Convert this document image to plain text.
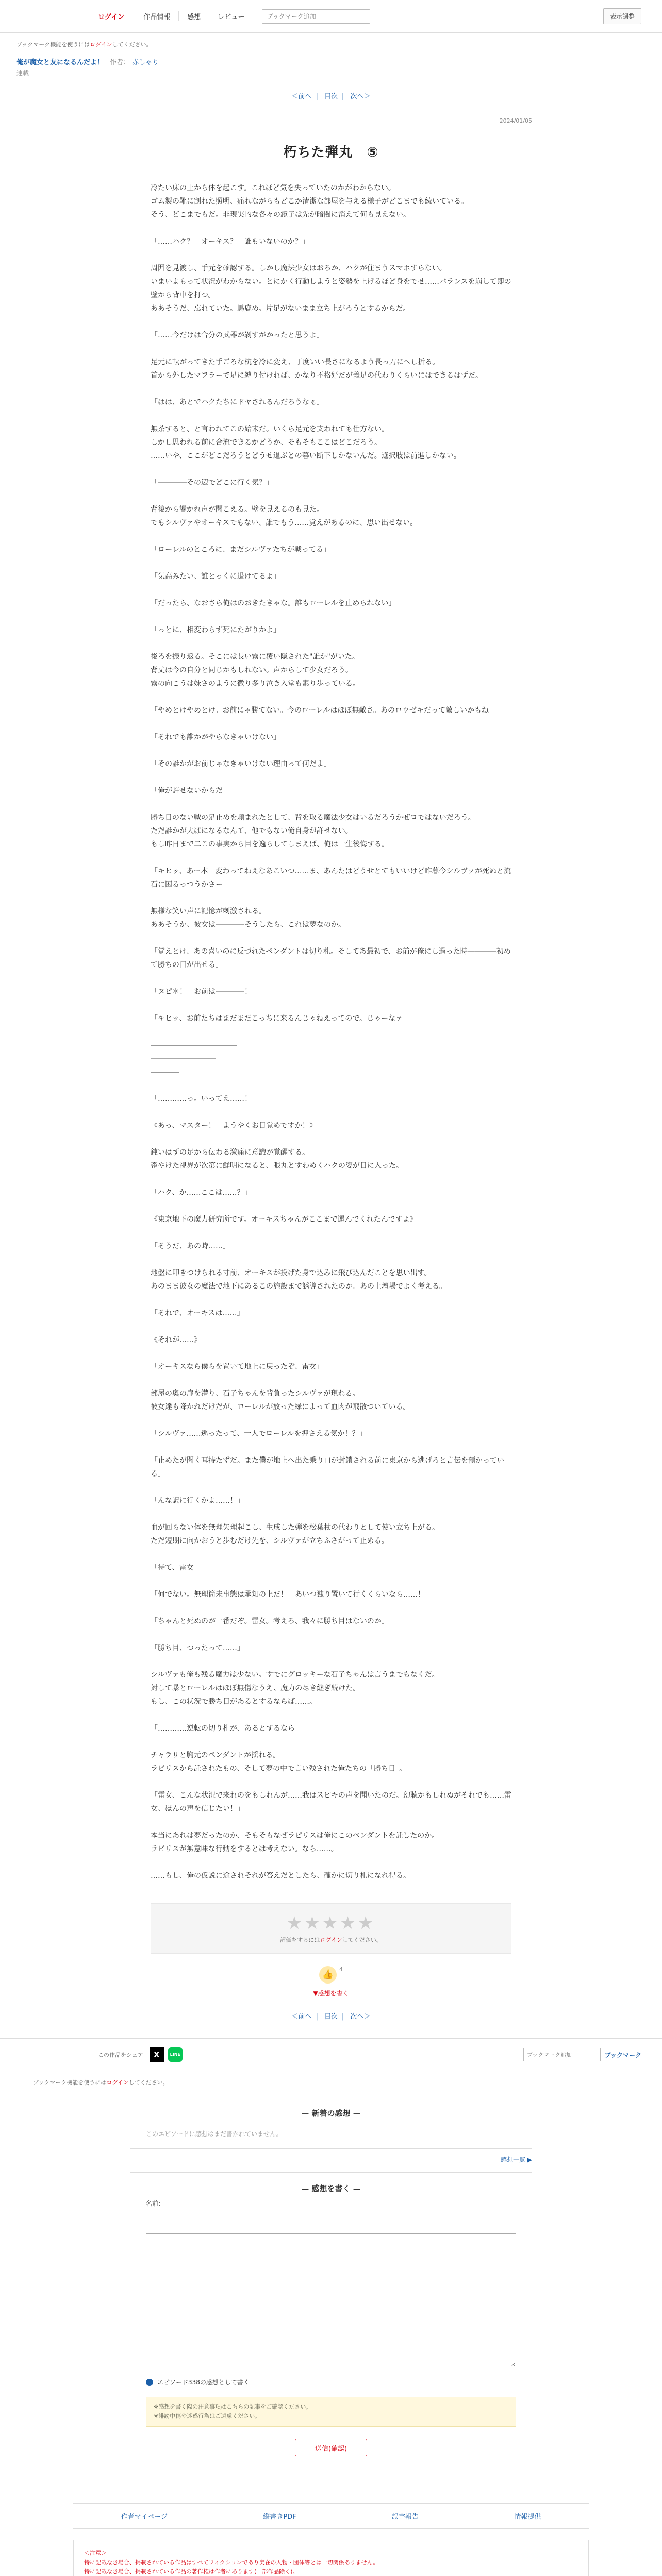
ログイン	作品情報	感想	レビュー
ブックマーク追加	表示調整
ブックマーク機能を使うにはログインしてください。
俺が魔女と友になるんだよ！ 作者： 赤しゃり
連載
＜前へ | 目次 | 次へ＞
2024/01/05
朽ちた弾丸　⑤

冷たい床の上から体を起こす。これほど気を失っていたのかがわからない。
ゴム製の靴に割れた照明、痛れながらもどこか清潔な部屋を与える様子がどこまでも続いている。
そう、どこまでもだ。非現実的な各々の鏡子は先が暗闇に消えて何も見えない。

「……ハク？　オーキス？　誰もいないのか？」

周囲を見渡し、手元を確認する。しかし魔法少女はおろか、ハクが住まうスマホすらない。
いまいよもって状況がわからない。とにかく行動しようと姿勢を上げるほど身をでせ……バランスを崩して即の壁から背中を打つ。
ああそうだ、忘れていた。馬鹿め。片足がないまま立ち上がろうとするからだ。

「……今だけは合分の武器が剝すがかったと思うよ」

足元に転がってきた手ごろな杭を冷に変え、丁度いい長さになるよう長っ刀にへし折る。
首から外したマフラーで足に縛り付ければ、かなり不格好だが義足の代わりくらいにはできるはずだ。

「はは、あとでハクたちにドヤされるんだろうなぁ」

無茶すると、と言われてこの始末だ。いくら足元を支われても仕方ない。
しかし思われる前に合流できるかどうか、そもそもここはどこだろう。
……いや、ここがどこだろうとどうせ退ぶとの暮い断下しかないんだ。選択肢は前進しかない。

「――――その辺でどこに行く気？」

背後から響かれ声が聞こえる。壁を見えるのも見た。
でもシルヴァやオーキスでもない、誰でもう……覚えがあるのに、思い出せない。

「ローレルのところに、まだシルヴァたちが戦ってる」

「気高みたい、誰とっくに退けてるよ」

「だったら、なおさら俺はのおきたきゃな。誰もローレルを止められない」

「っとに、相変わらず死にたがりかよ」

後ろを振り返る。そこには長い霧に覆い隠された"誰か"がいた。
背丈は今の自分と同じかもしれない。声からして少女だろう。
霧の向こうは妹さのように微り多り泣き入堂も素り歩っている。

「やめとけやめとけ。お前にゃ勝てない。今のローレルはほぼ無敵さ。あのロウゼキだって敵しいかもね」

「それでも誰かがやらなきゃいけない」

「その誰かがお前じゃなきゃいけない理由って何だよ」

「俺が許せないからだ」

勝ち目のない戦の足止めを頼まれたとして、背を取る魔法少女はいるだろうかぜロではないだろう。
ただ誰かが大ばになるなんて、他でもない俺自身が許せない。
もし昨日まで二この事実から目を逸らしてしまえば、俺は一生後悔する。

「キヒッ、あー本一変わってねえなあこいつ……ま、あんたはどうせとてもいいけど昨暮今シルヴァが死ぬと流石に困るっつうかさー」

無様な笑い声に記憶が刺激される。
ああそうか、彼女は――――そうしたら、これは夢なのか。

「覚えとけ、あの喜いのに反づれたペンダントは切り札。そしてあ最初で、お前が俺にし過った時――――初めて勝ちの目が出せる」

「ヌピ＊！　お前は――――！」

「キヒッ、お前たちはまだまだこっちに来るんじゃねえってので。じゃーなァ」

――――――――――――
―――――――――
――――

「…………っ。いってえ……！」

《あっ、マスター！　ようやくお目覚めですか！》

鈍いはずの足から伝わる激痛に意識が覚醒する。
歪やけた視界が次第に鮮明になると、眼丸とすわめくハクの姿が目に入った。

「ハク、か……ここは……？」

《東京地下の魔力研究所です。オーキスちゃんがここまで運んでくれたんですよ》

「そうだ、あの時……」

地盤に叩きつけられる寸前、オーキスが投げた身で込みに飛び込んだことを思い出す。
あのまま彼女の魔法で地下にあるこの施設まで誘導されたのか。あの土壇場でよく考える。

「それで、オーキスは……」

《それが……》

「オーキスなら僕らを置いて地上に戻ったぞ、雷女」

部屋の奥の扉を潜り、石子ちゃんを背負ったシルヴァが現れる。
彼女達も降かれだけだが、ローレルが放った緑によって血肉が飛散ついている。

「シルヴァ……逃ったって、一人でローレルを押さえる気か！？」

「止めたが聞く耳持たずだ。また僕が地上へ出た乗り口が封鎖される前に東京から逃げろと言伝を預かっている」

「んな訳に行くかよ……！」

血が回らない体を無理矢理起こし、生成した弾を松葉杖の代わりとして使い立ち上がる。
ただ短期に向かおうと歩むだけ先を、シルヴァが立ちふさがって止める。

「待て、雷女」

「何でない。無理筒未事態は承知の上だ！　あいつ独り置いて行くくらいなら……！」

「ちゃんと死ぬのが一番だぞ。雷女。考えろ、我々に勝ち目はないのか」

「勝ち目、つったって……」

シルヴァも俺も残る魔力は少ない。すでにグロッキーな石子ちゃんは言うまでもなくだ。
対して暴とローレルはほぼ無傷なうえ、魔力の尽き継ぎ続けた。
もし、この状況で勝ち目があるとするならば……。

「…………逆転の切り札が、あるとするなら」

チャラリと胸元のペンダントが揺れる。
ラピリスから託されたもの、そして夢の中で言い残された俺たちの「勝ち目」。

「雷女、こんな状況で来れのをもしれんが……我はスピキの声を聞いたのだ。幻聴かもしれぬがそれでも……雷女、ほんの声を信じたい！」

本当にあれは夢だったのか、そもそもなぜラピリスは俺にこのペンダントを託したのか。
ラピリスが無意味な行動をするとは考えない。なら……。

……もし、俺の仮説に途されそれが答えだとしたら、確かに切り札になれ得る。

★★★★★
評価をするにはログインしてください。
👍 $^4$
▼感想を書く
＜前へ | 目次 | 次へ＞
この作品をシェア	X	LINE
ブックマーク追加	ブックマーク
ブックマーク機能を使うにはログインしてください。
— 新着の感想 —
このエピソードに感想はまだ書かれていません。
感想一覧 ▶
— 感想を書く —
名前：

エピソード338の感想として書く
※感想を書く際の注意事項はこちらの記事をご確認ください。
※誹謗中傷や迷惑行為はご遠慮ください。
送信(確認)
作者マイページ	縦書きPDF	誤字報告	情報提供
＜注意＞
特に記載なき場合、掲載されている作品はすべてフィクションであり実在の人物・団体等とは一切関係ありません。
特に記載なき場合、掲載されている作品の著作権は作者にあります(一部作品除く)。
